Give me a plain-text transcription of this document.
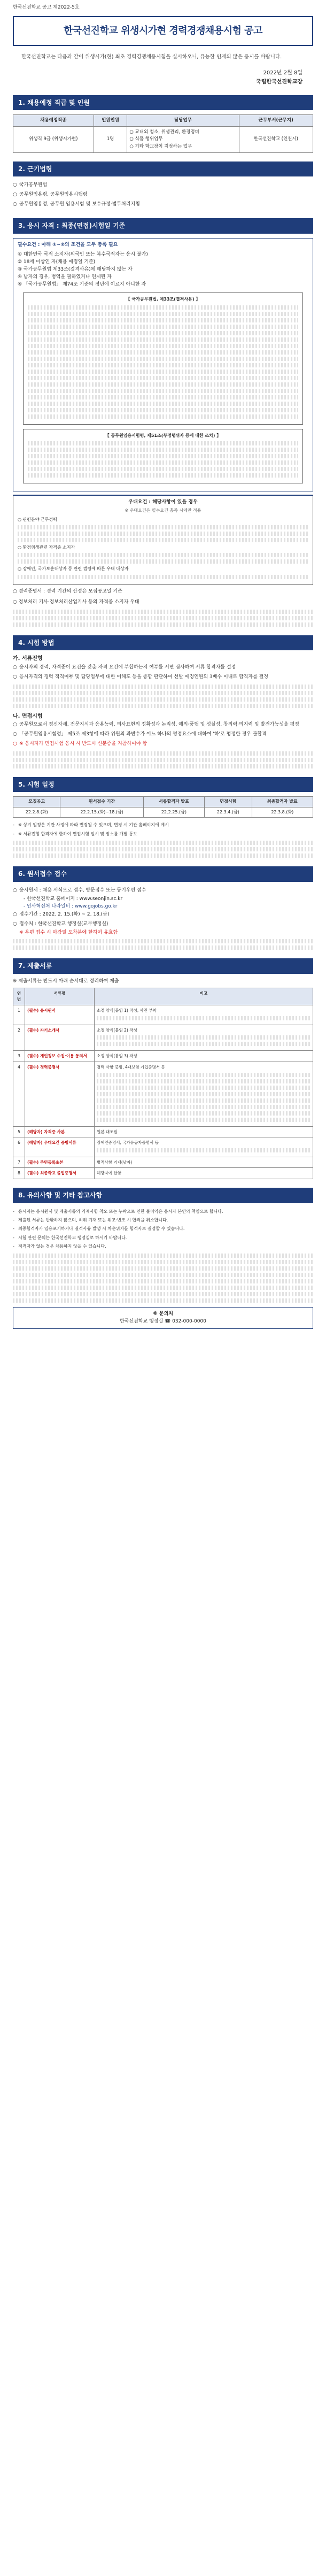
한국선진학교 공고 제2022-5호
한국선진학교 위생시가현 경력경쟁채용시험 공고

한국선진학교는 다음과 같이 위생시가(현) 최초 경력경쟁채용시험을 실시하오니, 유능한 인재의 많은 응시를 바랍니다.

2022년 2월 8일
국립한국선진학교장
1. 채용예정 직급 및 인원
채용예정직종	인원인원	담당업무	근무부서(근무지)
위생직 9급 (위생시가현)	1명	○ 교내외 청소, 위생관리, 환경정비
○ 식품 행위업무
○ 기타 학교장이 지정하는 업무	한국선진학교 (인천시)
2. 근기법령
○ 국가공무원법
○ 공무원임용령, 공무원임용시행령
○ 공무원임용령, 공무원 임용시험 및 보수규정·법무처리지침
3. 응시 자격 : 최종(면접)시험일 기준
필수요건 : 아래 ①~②의 조건을 모두 충족 필요
① 대한민국 국적 소지자(외국인 또는 복수국적자는 응시 불가)
② 18세 이상인 자(채용 예정일 기준)
③ 국가공무원법 제33조(결격사유)에 해당하지 않는 자
④ 남자의 경우, 병역을 필하였거나 면제된 자
⑤ 「국가공무원법」 제74조 기준의 정년에 이르지 아니한 자
【 국가공무원법, 제33조(결격사유) 】
【 공무원임용시험령, 제51조(부정행위자 등에 대한 조치) 】
우대요건 : 해당사항이 있을 경우
※ 우대요건은 필수요건 충족 시에만 적용
○ 관련분야 근무경력
○ 환경위생관련 자격증 소지자
○ 장애인, 국가보훈대상자 등 관련 법령에 따른 우대 대상자
○ 경력증명서 : 경력 기간의 산정은 모집공고일 기준
○ 정보처리 기사·정보처리산업기사 등의 자격증 소지자 우대
4. 시험 방법
가. 서류전형
○ 응시자의 경력, 자격증이 요건을 갖춘 자격 요건에 부합하는지 여부를 서면 심사하여 서류 합격자를 결정
○ 응시자격의 경력 적격여부 및 담당업무에 대한 이해도 등을 종합 판단하여 선발 예정인원의 3배수 이내로 합격자를 결정
나. 면접시험
○ 공무원으로서 정신자세, 전문지식과 응용능력, 의사표현의 정확성과 논리성, 예의·품행 및 성실성, 창의력·의지력 및 발전가능성을 평정
○ 「공무원임용시험령」 제5조 제3항에 따라 위원의 과반수가 어느 하나의 평정요소에 대하여 '하'로 평정한 경우 불합격
○ ※ 응시자가 면접시험 응시 시 반드시 신분증을 지참하여야 함
5. 시험 일정
모집공고	원서접수 기간	서류합격자 발표	면접시험	최종합격자 발표
22.2.8.(화)	22.2.15.(화)~18.(금)	22.2.25.(금)	22.3.4.(금)	22.3.8.(화)
- ※ 상기 일정은 기관 사정에 따라 변경될 수 있으며, 변경 시 기관 홈페이지에 게시
- ※ 서류전형 합격자에 한하여 면접시험 일시 및 장소를 개별 통보
6. 원서접수 접수
○ 응시원서 : 채용 서식으로 접수, 방문접수 또는 등기우편 접수
- 한국선진학교 홈페이지 : www.seonjin.sc.kr
- 인사혁신처 나라일터 : www.gojobs.go.kr
○ 접수기간 : 2022. 2. 15.(화) ~ 2. 18.(금)
○ 접수처 : 한국선진학교 행정실(교무행정실)
※ 우편 접수 시 마감일 도착분에 한하여 유효함
7. 제출서류
※ 제출서류는 반드시 아래 순서대로 정리하여 제출
연번	서류명	비고
1	(필수) 응시원서	소정 양식(붙임 1) 작성, 사진 부착

2	(필수) 자기소개서	소정 양식(붙임 2) 작성

3	(필수) 개인정보 수집·이용 동의서	소정 양식(붙임 3) 작성
4	(필수) 경력증명서	경력 사항 증빙, 4대보험 가입증명서 등

5	(해당자) 자격증 사본	원본 대조필
6	(해당자) 우대요건 증빙서류	장애인증명서, 국가유공자증명서 등

7	(필수) 주민등록초본	병적사항 기재(남자)
8	(필수) 최종학교 졸업증명서	해당자에 한함
8. 유의사항 및 기타 참고사항
- 응시자는 응시원서 및 제출서류의 기재사항 착오 또는 누락으로 인한 불이익은 응시자 본인의 책임으로 합니다.
- 제출된 서류는 반환하지 않으며, 허위 기재 또는 위조·변조 시 합격을 취소합니다.
- 최종합격자가 임용포기하거나 결격사유 발생 시 차순위자를 합격자로 결정할 수 있습니다.
- 시험 관련 문의는 한국선진학교 행정실로 하시기 바랍니다.
- 적격자가 없는 경우 채용하지 않을 수 있습니다.
※ 문의처
한국선진학교 행정실 ☎ 032-000-0000
